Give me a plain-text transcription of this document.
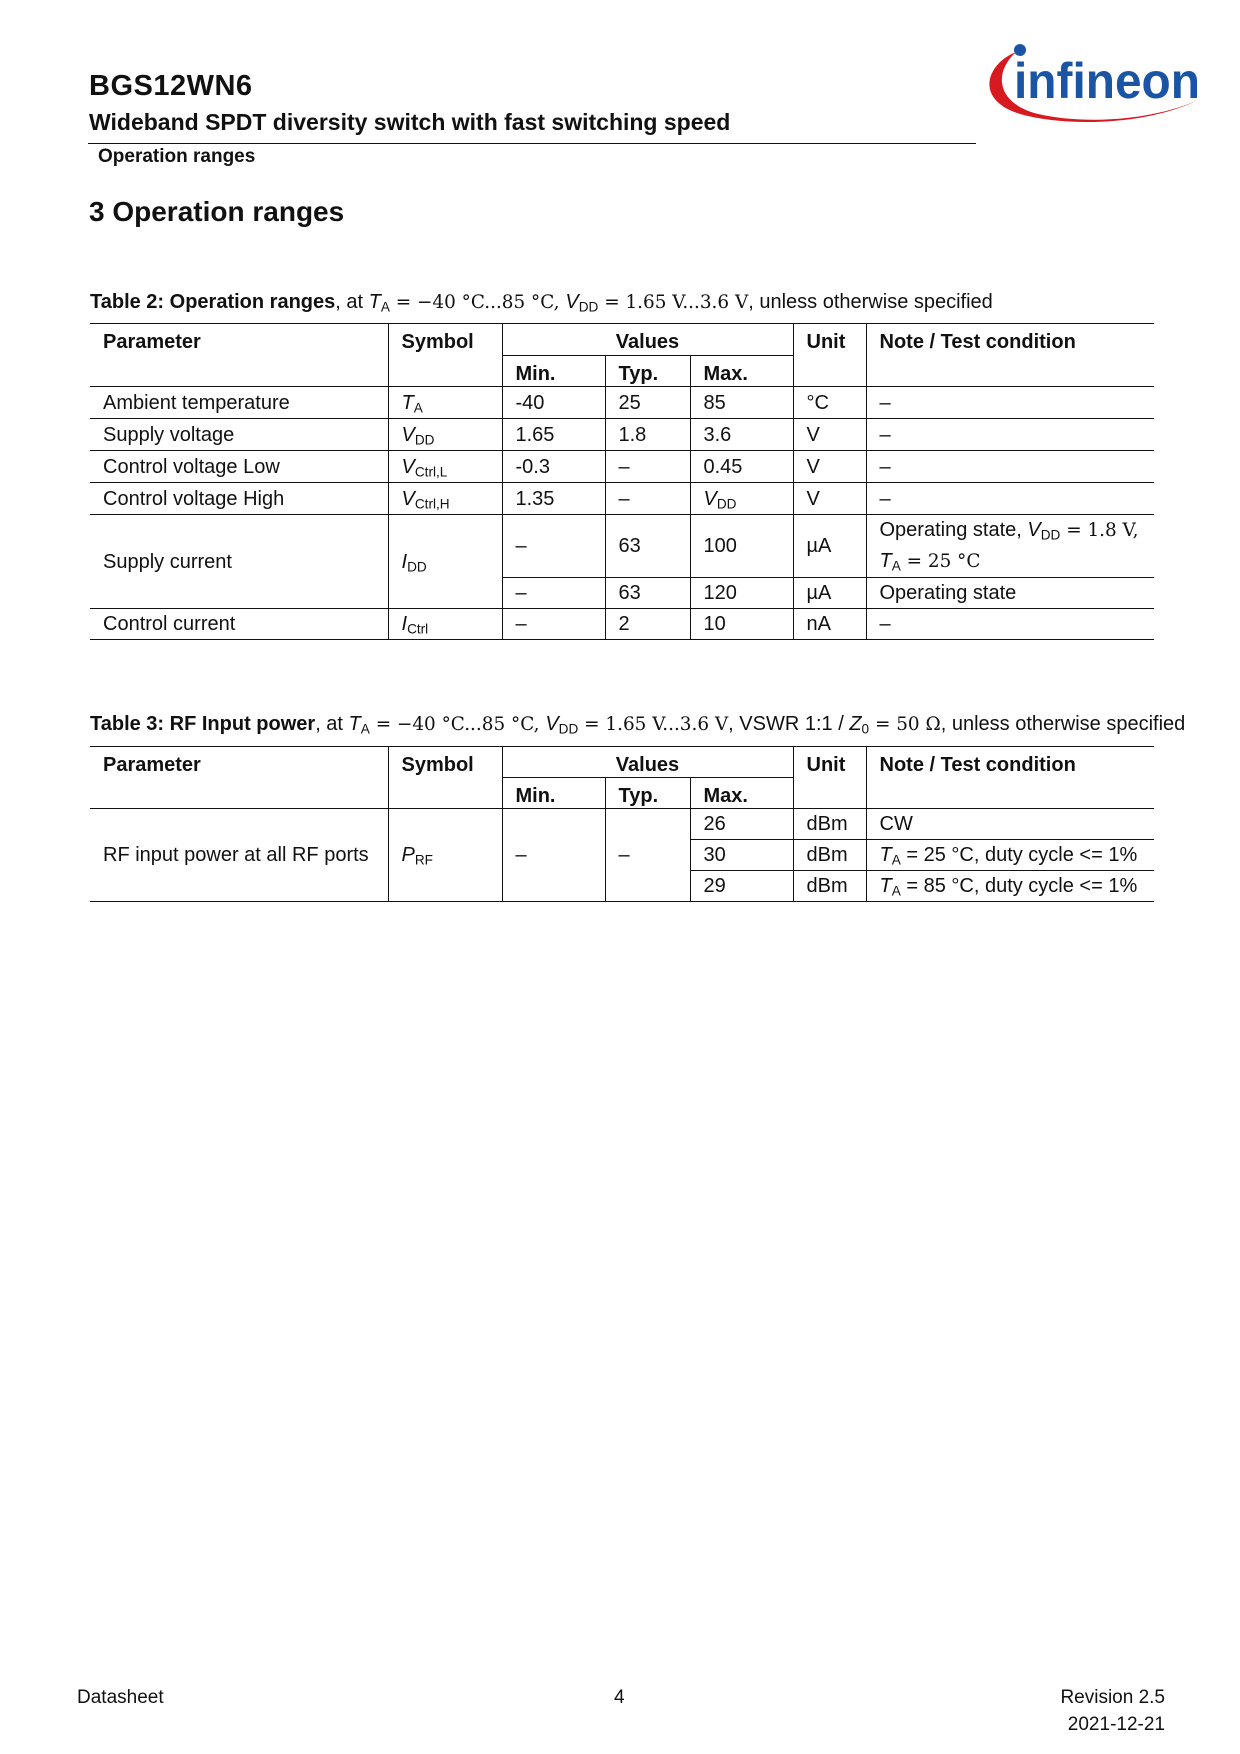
BGS12WN6
Wideband SPDT diversity switch with fast switching speed
Operation ranges
infineon
3 Operation ranges
Table 2: Operation ranges, at $T_A = -40$ °C...85 °C, $V_{DD} = 1.65$ V...3.6 V, unless otherwise specified
Parameter	Symbol	Values			Unit	Note / Test condition
		Min.	Typ.	Max.		
Ambient temperature	$T_A$	-40	25	85	°C	–
Supply voltage	$V_{DD}$	1.65	1.8	3.6	V	–
Control voltage Low	$V_{Ctrl,L}$	-0.3	–	0.45	V	–
Control voltage High	$V_{Ctrl,H}$	1.35	–	$V_{DD}$	V	–
Supply current	$I_{DD}$	–	63	100	µA	Operating state, $V_{DD} = 1.8$ V,
$T_A = 25$ °C
		–	63	120	µA	Operating state
Control current	$I_{Ctrl}$	–	2	10	nA	–
Table 3: RF Input power, at $T_A = -40$ °C...85 °C, $V_{DD} = 1.65$ V...3.6 V, VSWR 1:1 / $Z_0 = 50$ Ω, unless otherwise specified
Parameter	Symbol	Values			Unit	Note / Test condition
		Min.	Typ.	Max.		
RF input power at all RF ports	$P_{RF}$	–	–	26	dBm	CW
				30	dBm	$T_A = 25$ °C, duty cycle <= 1%
				29	dBm	$T_A = 85$ °C, duty cycle <= 1%
Datasheet	4	Revision 2.5
2021-12-21
